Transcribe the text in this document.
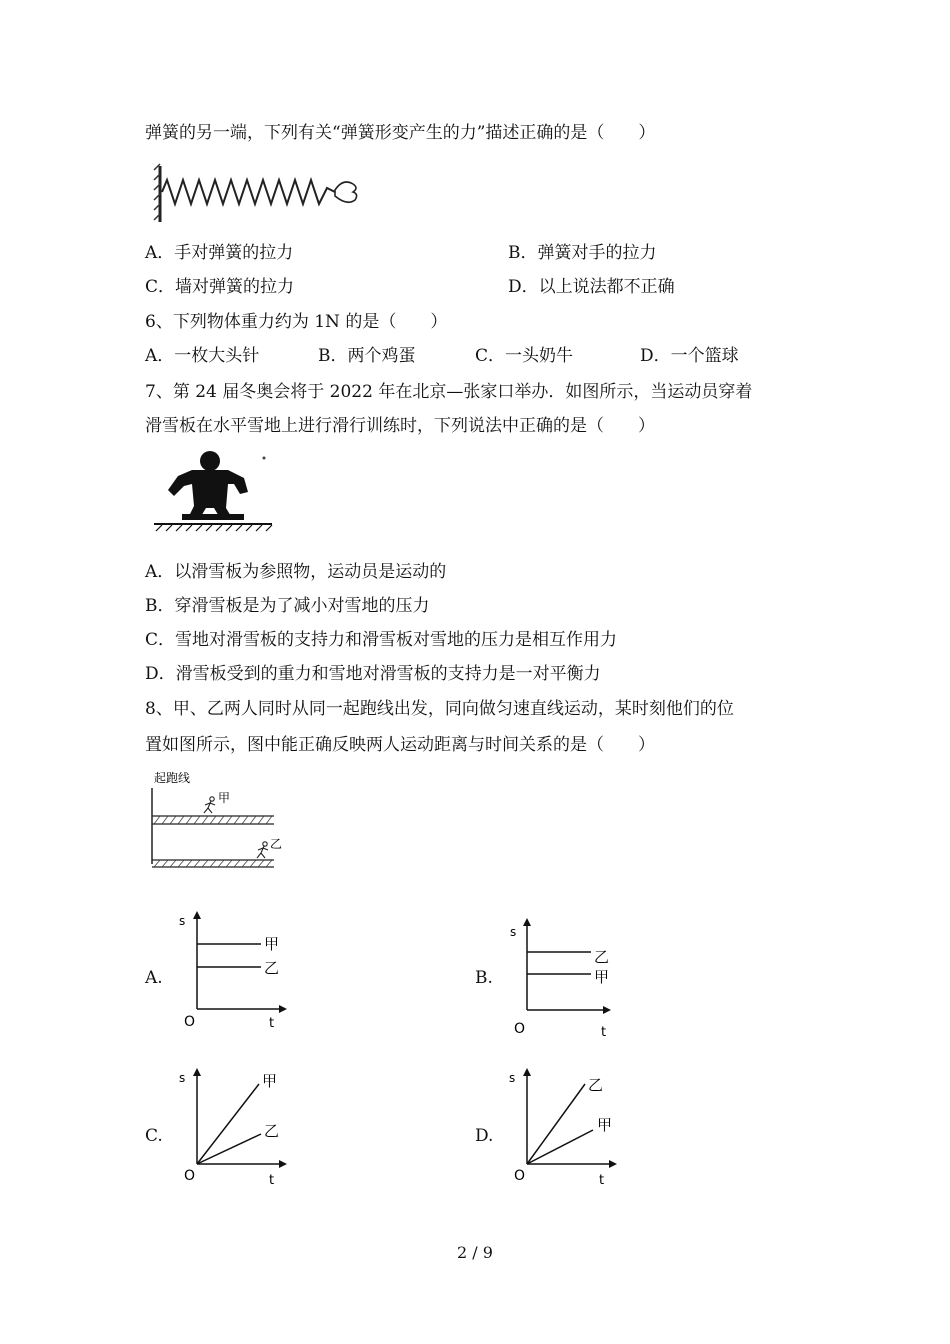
弹簧的另一端，下列有关“弹簧形变产生的力”描述正确的是（　　）
A．手对弹簧的拉力	B．弹簧对手的拉力
C．墙对弹簧的拉力	D．以上说法都不正确
6、下列物体重力约为 1N 的是（　　）
A．一枚大头针	B．两个鸡蛋	C．一头奶牛	D．一个篮球
7、第 24 届冬奥会将于 2022 年在北京—张家口举办．如图所示，当运动员穿着
滑雪板在水平雪地上进行滑行训练时，下列说法中正确的是（　　）
A．以滑雪板为参照物，运动员是运动的
B．穿滑雪板是为了减小对雪地的压力
C．雪地对滑雪板的支持力和滑雪板对雪地的压力是相互作用力
D．滑雪板受到的重力和雪地对滑雪板的支持力是一对平衡力
8、甲、乙两人同时从同一起跑线出发，同向做匀速直线运动，某时刻他们的位
置如图所示，图中能正确反映两人运动距离与时间关系的是（　　）
起跑线
甲
乙
A.
s
O	t
甲
乙	B.
s
O	t
乙
甲
C.
s
O	t
甲
乙	D.
s
O	t
乙
甲
2 / 9
